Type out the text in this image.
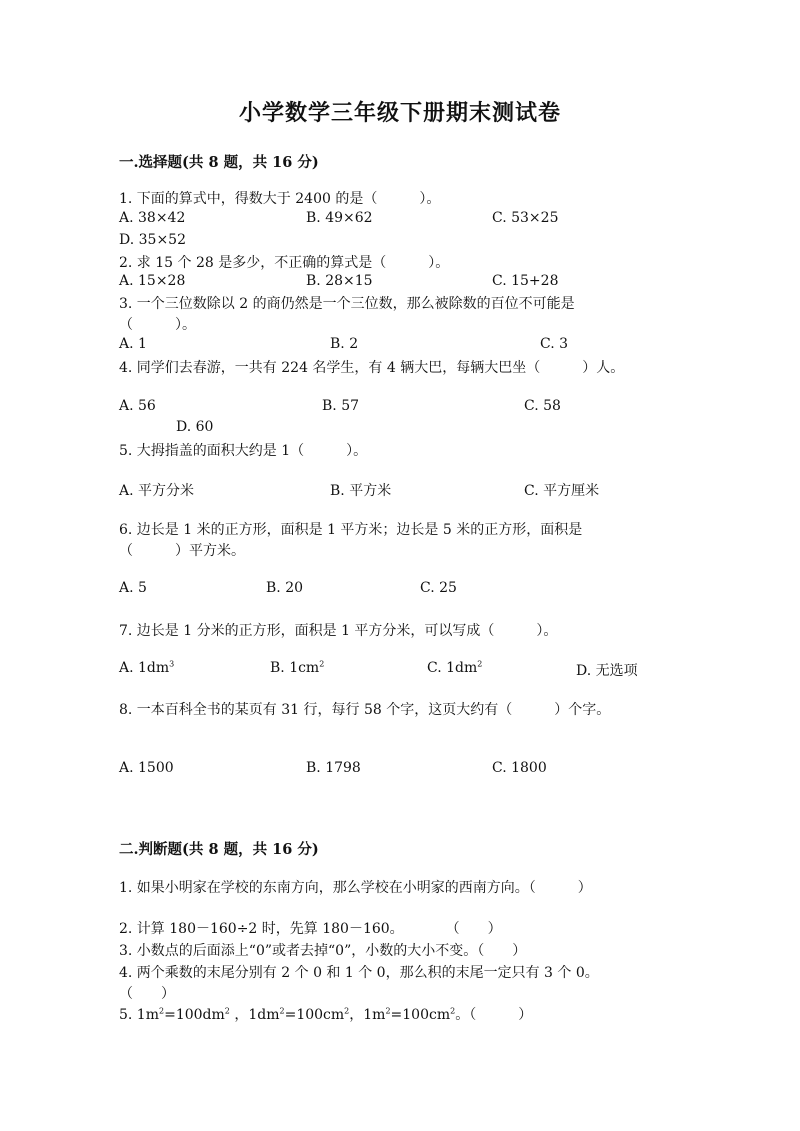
小学数学三年级下册期末测试卷
一.选择题(共 8 题，共 16 分)
1. 下面的算式中，得数大于 2400 的是（　　　）。
A. 38×42	B. 49×62	C. 53×25
D. 35×52
2. 求 15 个 28 是多少，不正确的算式是（　　　）。
A. 15×28	B. 28×15	C. 15+28
3. 一个三位数除以 2 的商仍然是一个三位数，那么被除数的百位不可能是
（　　　）。
A. 1	B. 2	C. 3
4. 同学们去春游，一共有 224 名学生，有 4 辆大巴，每辆大巴坐（　　　）人。
A. 56	B. 57	C. 58
D. 60
5. 大拇指盖的面积大约是 1（　　　）。
A. 平方分米	B. 平方米	C. 平方厘米
6. 边长是 1 米的正方形，面积是 1 平方米；边长是 5 米的正方形，面积是
（　　　）平方米。
A. 5	B. 20	C. 25
7. 边长是 1 分米的正方形，面积是 1 平方分米，可以写成（　　　）。
A. $1dm^3$	B. $1cm^2$	C. $1dm^2$	D. 无选项
8. 一本百科全书的某页有 31 行，每行 58 个字，这页大约有（　　　）个字。
A. 1500	B. 1798	C. 1800
二.判断题(共 8 题，共 16 分)
1. 如果小明家在学校的东南方向，那么学校在小明家的西南方向。（　　　）
2. 计算 180－160÷2 时，先算 180－160。　　　　（　　）
3. 小数点的后面添上“0”或者去掉“0”，小数的大小不变。（　　）
4. 两个乘数的末尾分别有 2 个 0 和 1 个 0，那么积的末尾一定只有 3 个 0。
（　　）
5. $1m^2=100dm^2$ ，$1dm^2=100cm^2$，$1m^2=100cm^2$。（　　　）
